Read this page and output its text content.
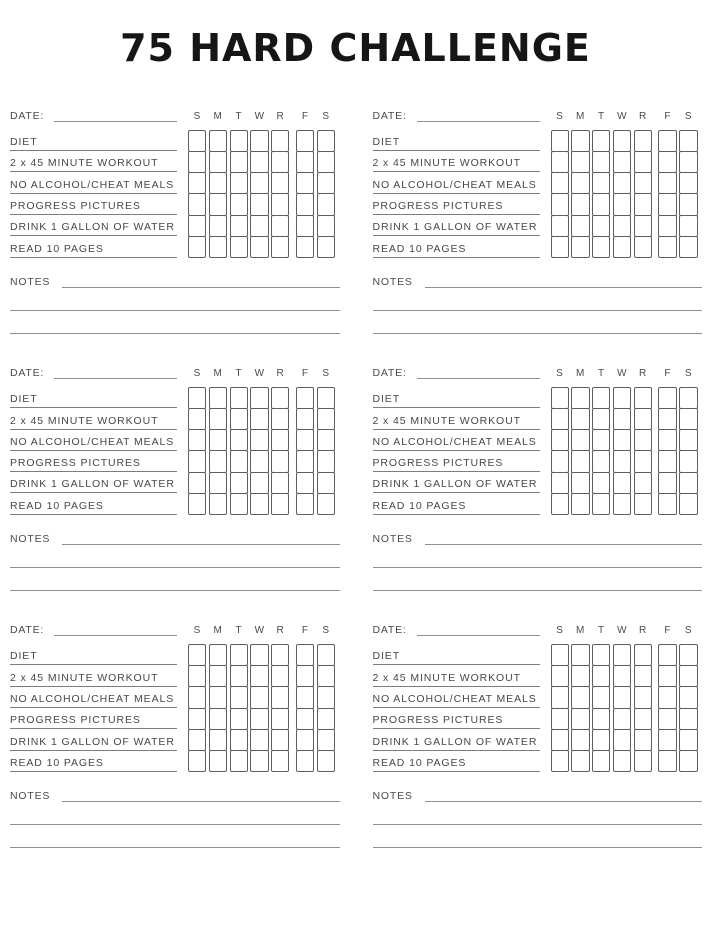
75 HARD CHALLENGE
DATE:	S	M	T	W	R	F	S
DIET
2 x 45 MINUTE WORKOUT
NO ALCOHOL/CHEAT MEALS
PROGRESS PICTURES
DRINK 1 GALLON OF WATER
READ 10 PAGES
NOTES
DATE:	S	M	T	W	R	F	S
DIET
2 x 45 MINUTE WORKOUT
NO ALCOHOL/CHEAT MEALS
PROGRESS PICTURES
DRINK 1 GALLON OF WATER
READ 10 PAGES
NOTES
DATE:	S	M	T	W	R	F	S
DIET
2 x 45 MINUTE WORKOUT
NO ALCOHOL/CHEAT MEALS
PROGRESS PICTURES
DRINK 1 GALLON OF WATER
READ 10 PAGES
NOTES
DATE:	S	M	T	W	R	F	S
DIET
2 x 45 MINUTE WORKOUT
NO ALCOHOL/CHEAT MEALS
PROGRESS PICTURES
DRINK 1 GALLON OF WATER
READ 10 PAGES
NOTES
DATE:	S	M	T	W	R	F	S
DIET
2 x 45 MINUTE WORKOUT
NO ALCOHOL/CHEAT MEALS
PROGRESS PICTURES
DRINK 1 GALLON OF WATER
READ 10 PAGES
NOTES
DATE:	S	M	T	W	R	F	S
DIET
2 x 45 MINUTE WORKOUT
NO ALCOHOL/CHEAT MEALS
PROGRESS PICTURES
DRINK 1 GALLON OF WATER
READ 10 PAGES
NOTES
